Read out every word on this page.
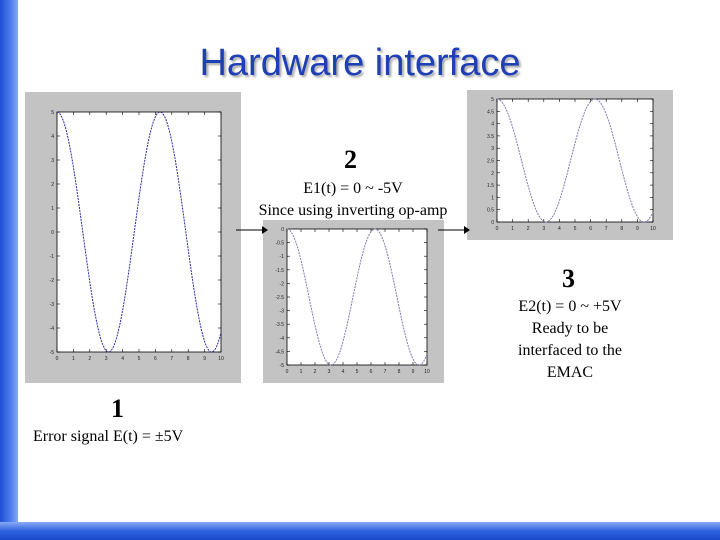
Hardware interface
5
4
3
2
1
0
-1
-2
-3
-4
-5
0	1	2	3	4	5	6	7	8	9 10
0
-0.5
-1
-1.5
-2
-2.5
-3
-3.5
-4
-4.5
-5
0 1 2 3 4 5 6 7 8 9 10
5
4.5
4
3.5
3
2.5
2
1.5
1
0.5
0
0	1	2	3	4	5	6	7	8	9 10
1
Error signal E(t) = ±5V
2
E1(t) = 0 ~ -5V
Since using inverting op-amp
3
E2(t) = 0 ~ +5V
Ready to be
interfaced to the
EMAC
